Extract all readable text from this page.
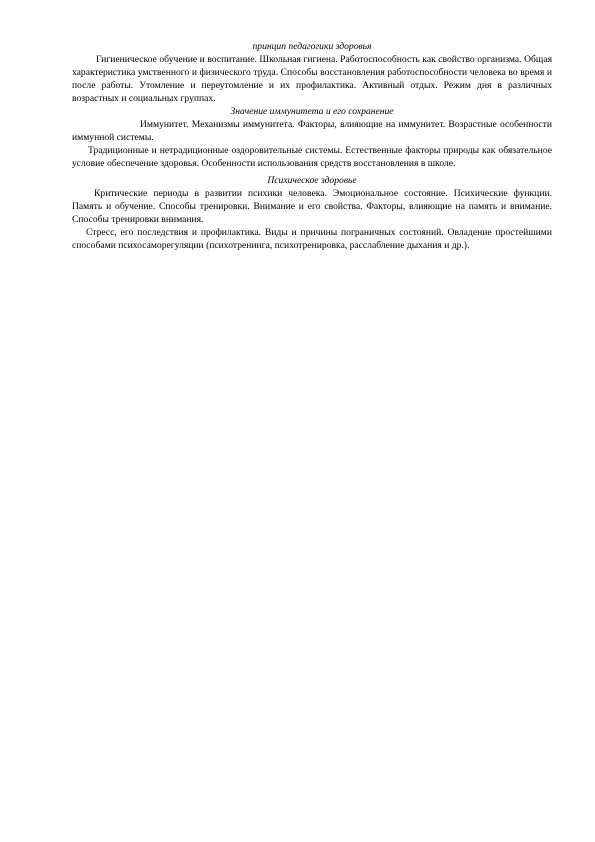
принцип педагогики здоровья

Гигиеническое обучение и воспитание. Школьная гигиена. Работоспособность как свойство организма. Общая характеристика умственного и физического труда. Способы восстановления работоспособности человека во время и после работы. Утомление и переутомление и их профилактика. Активный отдых. Режим дня в различных возрастных и социальных группах.

Значение иммунитета и его сохранение

Иммунитет. Механизмы иммунитета. Факторы, влияющие на иммунитет. Возрастные особенности иммунной системы.

Традиционные и нетрадиционные оздоровительные системы. Естественные факторы природы как обязательное условие обеспечение здоровья. Особенности использования средств восстановления в школе.

Психическое здоровье

Критические периоды в развитии психики человека. Эмоциональное состояние. Психические функции. Память и обучение. Способы тренировки. Внимание и его свойства. Факторы, влияющие на память и внимание. Способы тренировки внимания.

Стресс, его последствия и профилактика. Виды и причины пограничных состояний. Овладение простейшими способами психосаморегуляции (психотренинга, психотренировка, расслабление дыхания и др.).
